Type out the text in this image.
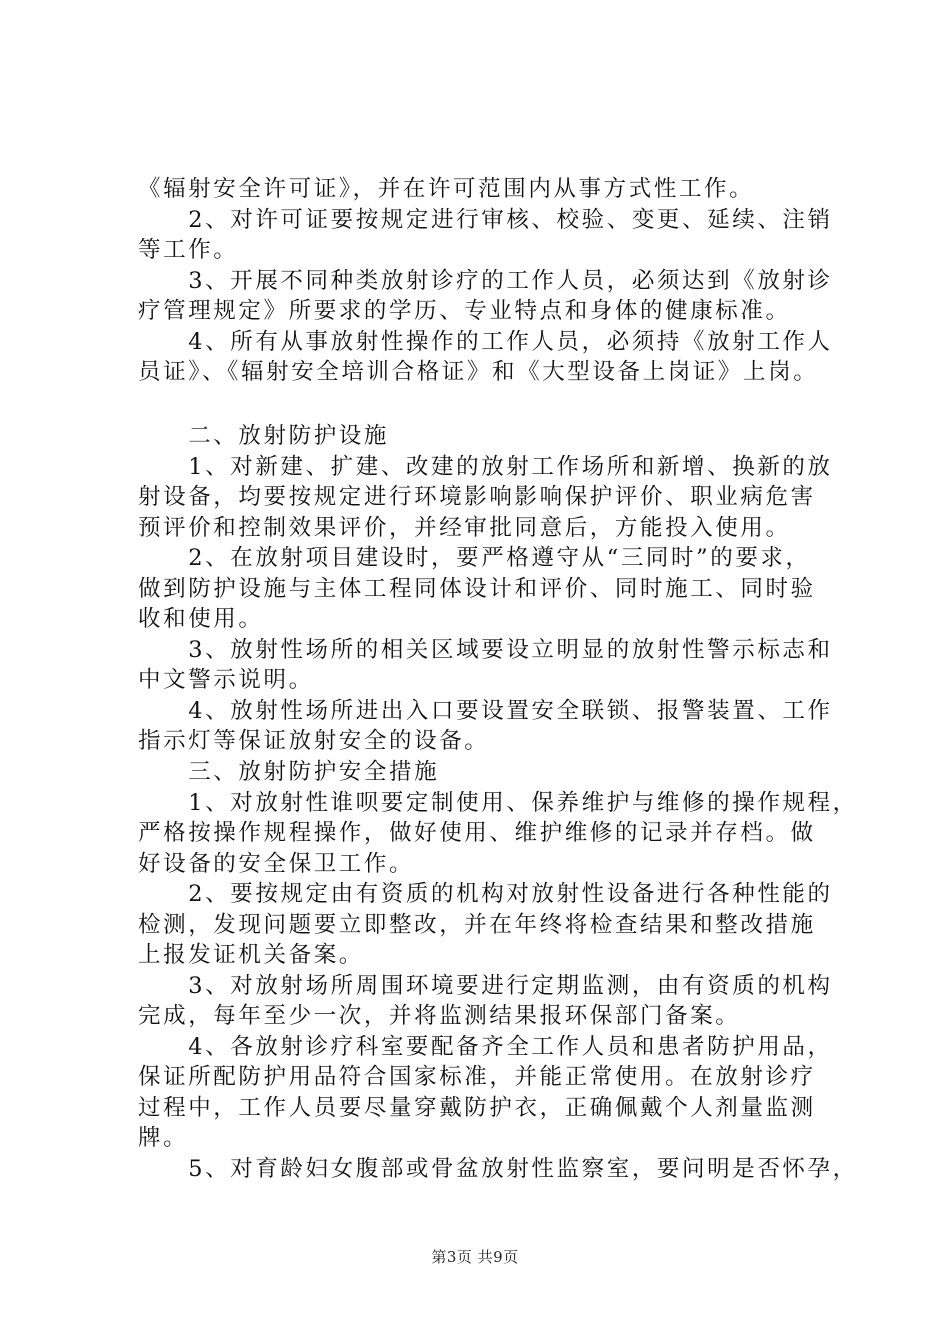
《辐射安全许可证》，并在许可范围内从事方式性工作。
　　2、对许可证要按规定进行审核、校验、变更、延续、注销
等工作。
　　3、开展不同种类放射诊疗的工作人员，必须达到《放射诊
疗管理规定》所要求的学历、专业特点和身体的健康标准。
　　4、所有从事放射性操作的工作人员，必须持《放射工作人
员证》、《辐射安全培训合格证》和《大型设备上岗证》上岗。
　　二、放射防护设施
　　1、对新建、扩建、改建的放射工作场所和新增、换新的放
射设备，均要按规定进行环境影响影响保护评价、职业病危害
预评价和控制效果评价，并经审批同意后，方能投入使用。
　　2、在放射项目建设时，要严格遵守从“三同时”的要求，
做到防护设施与主体工程同体设计和评价、同时施工、同时验
收和使用。
　　3、放射性场所的相关区域要设立明显的放射性警示标志和
中文警示说明。
　　4、放射性场所进出入口要设置安全联锁、报警装置、工作
指示灯等保证放射安全的设备。
　　三、放射防护安全措施
　　1、对放射性谁呗要定制使用、保养维护与维修的操作规程，
严格按操作规程操作，做好使用、维护维修的记录并存档。做
好设备的安全保卫工作。
　　2、要按规定由有资质的机构对放射性设备进行各种性能的
检测，发现问题要立即整改，并在年终将检查结果和整改措施
上报发证机关备案。
　　3、对放射场所周围环境要进行定期监测，由有资质的机构
完成，每年至少一次，并将监测结果报环保部门备案。
　　4、各放射诊疗科室要配备齐全工作人员和患者防护用品，
保证所配防护用品符合国家标准，并能正常使用。在放射诊疗
过程中，工作人员要尽量穿戴防护衣，正确佩戴个人剂量监测
牌。
　　5、对育龄妇女腹部或骨盆放射性监察室，要问明是否怀孕，
第3页 共9页
